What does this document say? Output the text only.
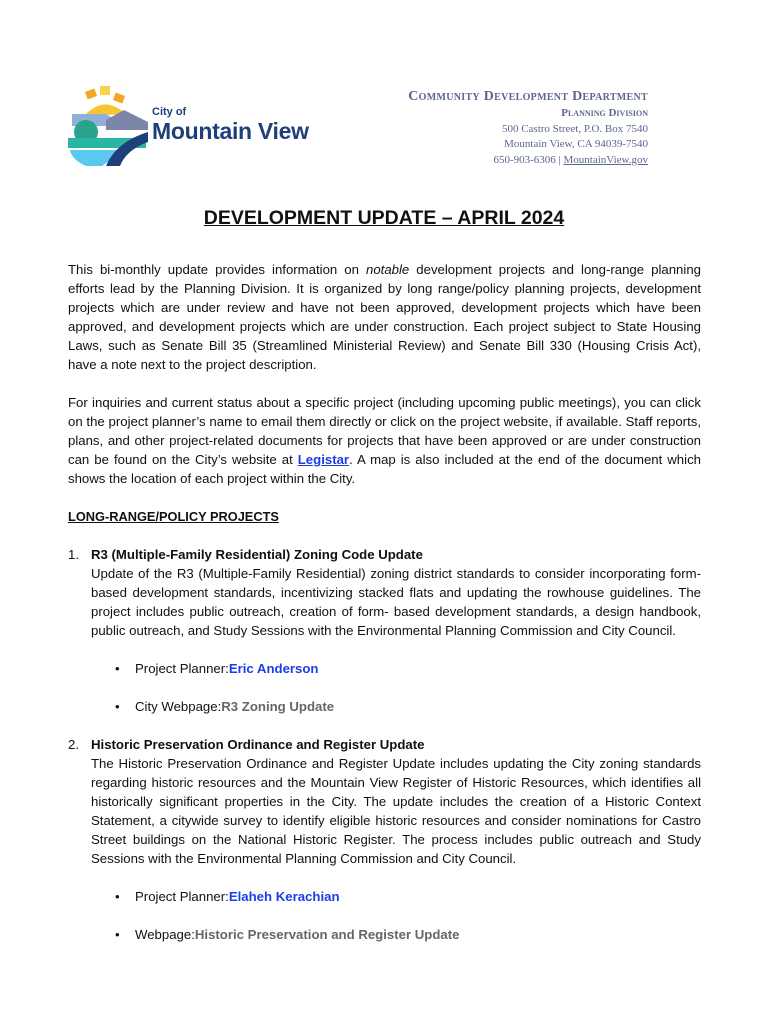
City of
Mountain View
Community Development Department
Planning Division
500 Castro Street, P.O. Box 7540
Mountain View, CA 94039-7540
650-903-6306 | MountainView.gov
DEVELOPMENT UPDATE – APRIL 2024

This bi-monthly update provides information on notable development projects and long-range planning efforts lead by the Planning Division. It is organized by long range/policy planning projects, development projects which are under review and have not been approved, development projects which have been approved, and development projects which are under construction. Each project subject to State Housing Laws, such as Senate Bill 35 (Streamlined Ministerial Review) and Senate Bill 330 (Housing Crisis Act), have a note next to the project description.

For inquiries and current status about a specific project (including upcoming public meetings), you can click on the project planner’s name to email them directly or click on the project website, if available. Staff reports, plans, and other project-related documents for projects that have been approved or are under construction can be found on the City’s website at Legistar. A map is also included at the end of the document which shows the location of each project within the City.

LONG-RANGE/POLICY PROJECTS
1. R3 (Multiple-Family Residential) Zoning Code Update

Update of the R3 (Multiple-Family Residential) zoning district standards to consider incorporating form-based development standards, incentivizing stacked flats and updating the rowhouse guidelines. The project includes public outreach, creation of form- based development standards, a design handbook, public outreach, and Study Sessions with the Environmental Planning Commission and City Council.

•	Project Planner: Eric Anderson
•	City Webpage: R3 Zoning Update
2. Historic Preservation Ordinance and Register Update

The Historic Preservation Ordinance and Register Update includes updating the City zoning standards regarding historic resources and the Mountain View Register of Historic Resources, which identifies all historically significant properties in the City. The update includes the creation of a Historic Context Statement, a citywide survey to identify eligible historic resources and consider nominations for Castro Street buildings on the National Historic Register. The process includes public outreach and Study Sessions with the Environmental Planning Commission and City Council.

•	Project Planner: Elaheh Kerachian
•	Webpage: Historic Preservation and Register Update
